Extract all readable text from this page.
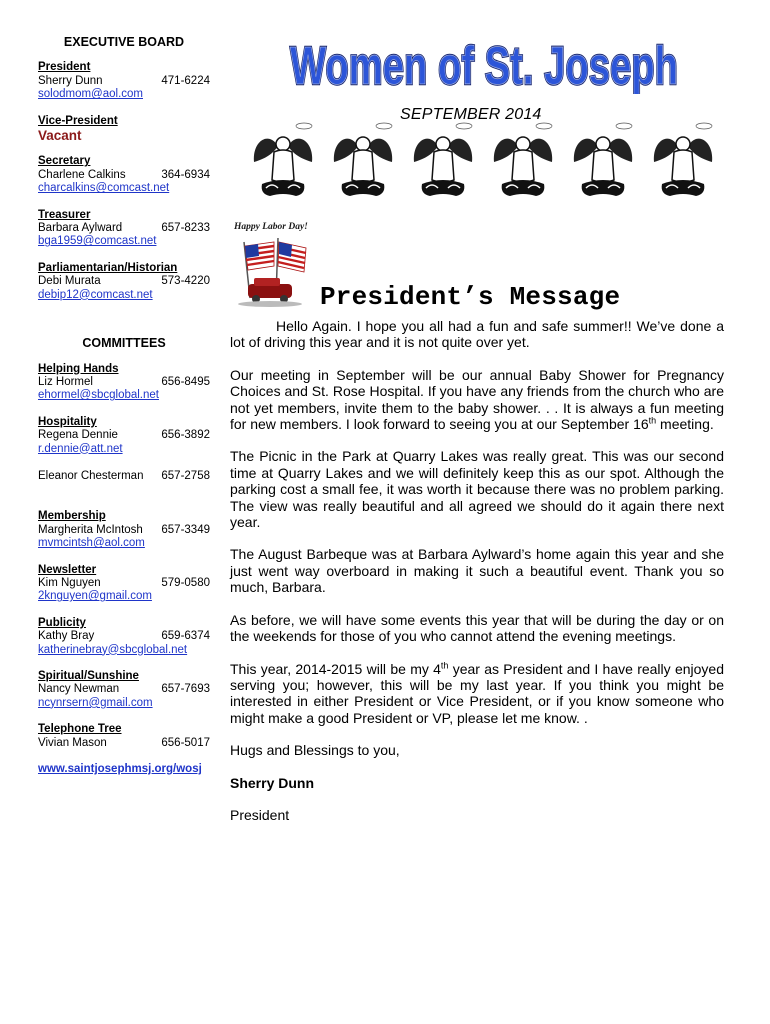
EXECUTIVE BOARD
President
Sherry Dunn	471-6224
solodmom@aol.com
Vice-President
Vacant
Secretary
Charlene Calkins	364-6934
charcalkins@comcast.net
Treasurer
Barbara Aylward	657-8233
bga1959@comcast.net
Parliamentarian/Historian
Debi Murata	573-4220
debip12@comcast.net
COMMITTEES
Helping Hands
Liz Hormel	656-8495
ehormel@sbcglobal.net
Hospitality
Regena Dennie	656-3892
r.dennie@att.net
Eleanor Chesterman 657-2758
Membership
Margherita McIntosh 657-3349
mvmcintsh@aol.com
Newsletter
Kim Nguyen	579-0580
2knguyen@gmail.com
Publicity
Kathy Bray	659-6374
katherinebray@sbcglobal.net
Spiritual/Sunshine
Nancy Newman	657-7693
ncynrsern@gmail.com
Telephone Tree
Vivian Mason	656-5017
www.saintjosephmsj.org/wosj
Women of St. Joseph
Women of St. Joseph
SEPTEMBER 2014
Happy Labor Day!
President’s Message

Hello Again. I hope you all had a fun and safe summer!! We’ve done a lot of driving this year and it is not quite over yet.

Our meeting in September will be our annual Baby Shower for Pregnancy Choices and St. Rose Hospital. If you have any friends from the church who are not yet members, invite them to the baby shower. . . It is always a fun meeting for new members. I look forward to seeing you at our September 16th meeting.

The Picnic in the Park at Quarry Lakes was really great. This was our second time at Quarry Lakes and we will definitely keep this as our spot. Although the parking cost a small fee, it was worth it because there was no problem parking. The view was really beautiful and all agreed we should do it again there next year.

The August Barbeque was at Barbara Aylward’s home again this year and she just went way overboard in making it such a beautiful event. Thank you so much, Barbara.

As before, we will have some events this year that will be during the day or on the weekends for those of you who cannot attend the evening meetings.

This year, 2014-2015 will be my 4th year as President and I have really enjoyed serving you; however, this will be my last year. If you think you might be interested in either President or Vice President, or if you know someone who might make a good President or VP, please let me know. .

Hugs and Blessings to you,

Sherry Dunn

President
